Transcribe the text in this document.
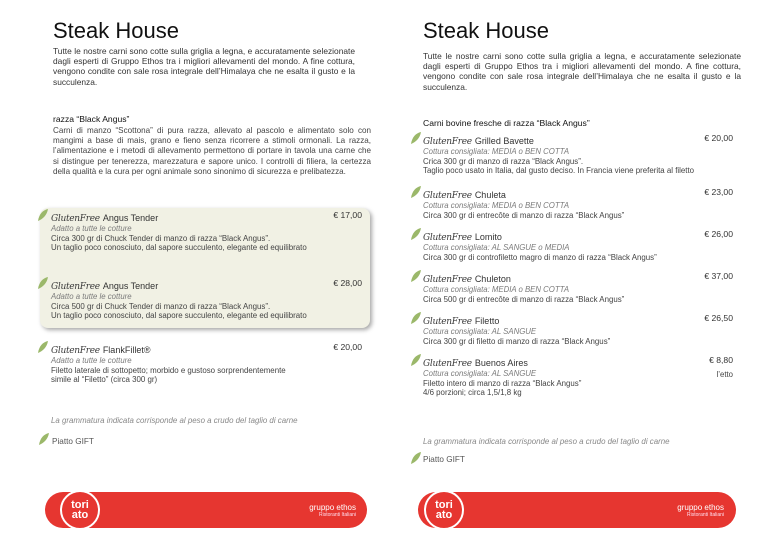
Steak House
Tutte le nostre carni sono cotte sulla griglia a legna, e accuratamente selezionate dagli esperti di Gruppo Ethos tra i migliori allevamenti del mondo. A fine cottura, vengono condite con sale rosa integrale dell’Himalaya che ne esalta il gusto e la succulenza.
razza “Black Angus”
Carni di manzo “Scottona” di pura razza, allevato al pascolo e alimentato solo con mangimi a base di mais, grano e fieno senza ricorrere a stimoli ormonali. La razza, l’alimentazione e i metodi di allevamento permettono di portare in tavola una carne che si distingue per tenerezza, marezzatura e sapore unico. I controlli di filiera, la certezza della qualità e la cura per ogni animale sono sinonimo di sicurezza e prelibatezza.
GlutenFree Angus Tender	€ 17,00
Adatto a tutte le cotture
Circa 300 gr di Chuck Tender di manzo di razza “Black Angus”.
Un taglio poco conosciuto, dal sapore succulento, elegante ed equilibrato
GlutenFree Angus Tender	€ 28,00
Adatto a tutte le cotture
Circa 500 gr di Chuck Tender di manzo di razza “Black Angus”.
Un taglio poco conosciuto, dal sapore succulento, elegante ed equilibrato
GlutenFree FlankFillet®	€ 20,00
Adatto a tutte le cotture
Filetto laterale di sottopetto; morbido e gustoso sorprendentemente
simile al “Filetto” (circa 300 gr)
La grammatura indicata corrisponde al peso a crudo del taglio di carne
Piatto GIFT
tori
ato
gruppo ethos
Ristoranti Italiani
Steak House
Tutte le nostre carni sono cotte sulla griglia a legna, e accuratamente selezionate dagli esperti di Gruppo Ethos tra i migliori allevamenti del mondo. A fine cottura, vengono condite con sale rosa integrale dell’Himalaya che ne esalta il gusto e la succulenza.
Carni bovine fresche di razza “Black Angus”
GlutenFree Grilled Bavette	€ 20,00
Cottura consigliata: MEDIA o BEN COTTA
Crica 300 gr di manzo di razza “Black Angus”.
Taglio poco usato in Italia, dal gusto deciso. In Francia viene preferita al filetto
GlutenFree Chuleta	€ 23,00
Cottura consigliata: MEDIA o BEN COTTA
Circa 300 gr di entrecôte di manzo di razza “Black Angus”
GlutenFree Lomito	€ 26,00
Cottura consigliata: AL SANGUE o MEDIA
Circa 300 gr di controfiletto magro di manzo di razza “Black Angus”
GlutenFree Chuleton	€ 37,00
Cottura consigliata: MEDIA o BEN COTTA
Circa 500 gr di entrecôte di manzo di razza “Black Angus”
GlutenFree Filetto	€ 26,50
Cottura consigliata: AL SANGUE
Circa 300 gr di filetto di manzo di razza “Black Angus”
GlutenFree Buenos Aires	€ 8,80
Cottura consigliata: AL SANGUE
Filetto intero di manzo di razza “Black Angus”
4/6 porzioni; circa 1,5/1,8 kg
l’etto
La grammatura indicata corrisponde al peso a crudo del taglio di carne
Piatto GIFT
tori
ato
gruppo ethos
Ristoranti Italiani
